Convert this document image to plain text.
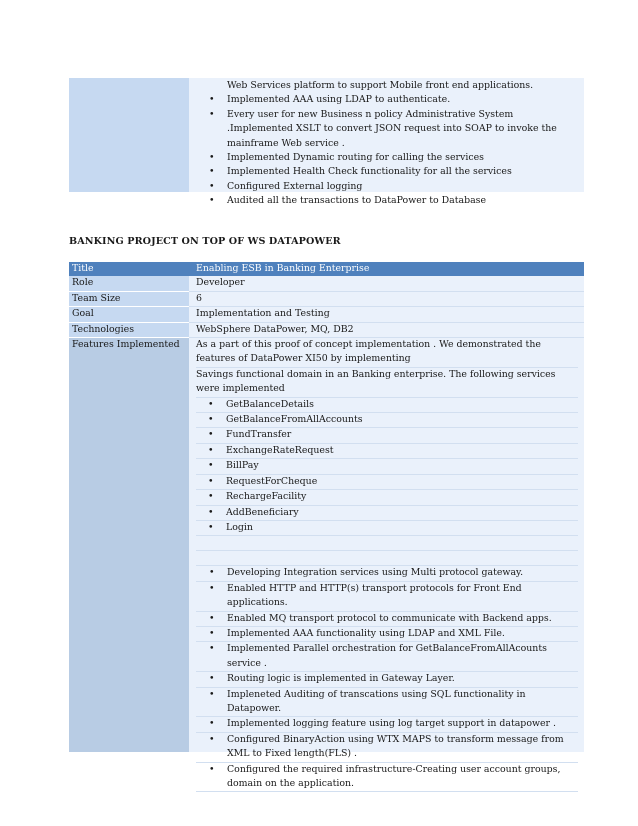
Web Services platform to support Mobile front end applications.
• Implemented AAA using LDAP to authenticate.
• Every user for new Business n policy Administrative System .Implemented XSLT to convert JSON request into SOAP to invoke the mainframe Web service .
• Implemented Dynamic routing for calling the services
• Implemented Health Check functionality for all the services
• Configured External logging
• Audited all the transactions to DataPower to Database
BANKING PROJECT ON TOP OF WS DATAPOWER
Title	Enabling ESB in Banking Enterprise
Role	Developer
Team Size	6
Goal	Implementation and Testing
Technologies	WebSphere DataPower, MQ, DB2
Features Implemented	As a part of this proof of concept implementation . We demonstrated the features of DataPower XI50 by implementing
Savings functional domain in an Banking enterprise. The following services were implemented
• GetBalanceDetails
• GetBalanceFromAllAccounts
• FundTransfer
• ExchangeRateRequest
• BillPay
• RequestForCheque
• RechargeFacility
• AddBeneficiary
• Login
• Developing Integration services using Multi protocol gateway.
• Enabled HTTP and HTTP(s) transport protocols for Front End applications.
• Enabled MQ transport protocol to communicate with Backend apps.
• Implemented AAA functionality using LDAP and XML File.
• Implemented Parallel orchestration for GetBalanceFromAllAcounts service .
• Routing logic is implemented in Gateway Layer.
• Impleneted Auditing of transcations using SQL functionality in Datapower.
• Implemented logging feature using log target support in datapower .
• Configured BinaryAction using WTX MAPS to transform message from XML to Fixed length(FLS) .
• Configured the required infrastructure-Creating user account groups, domain on the application.
